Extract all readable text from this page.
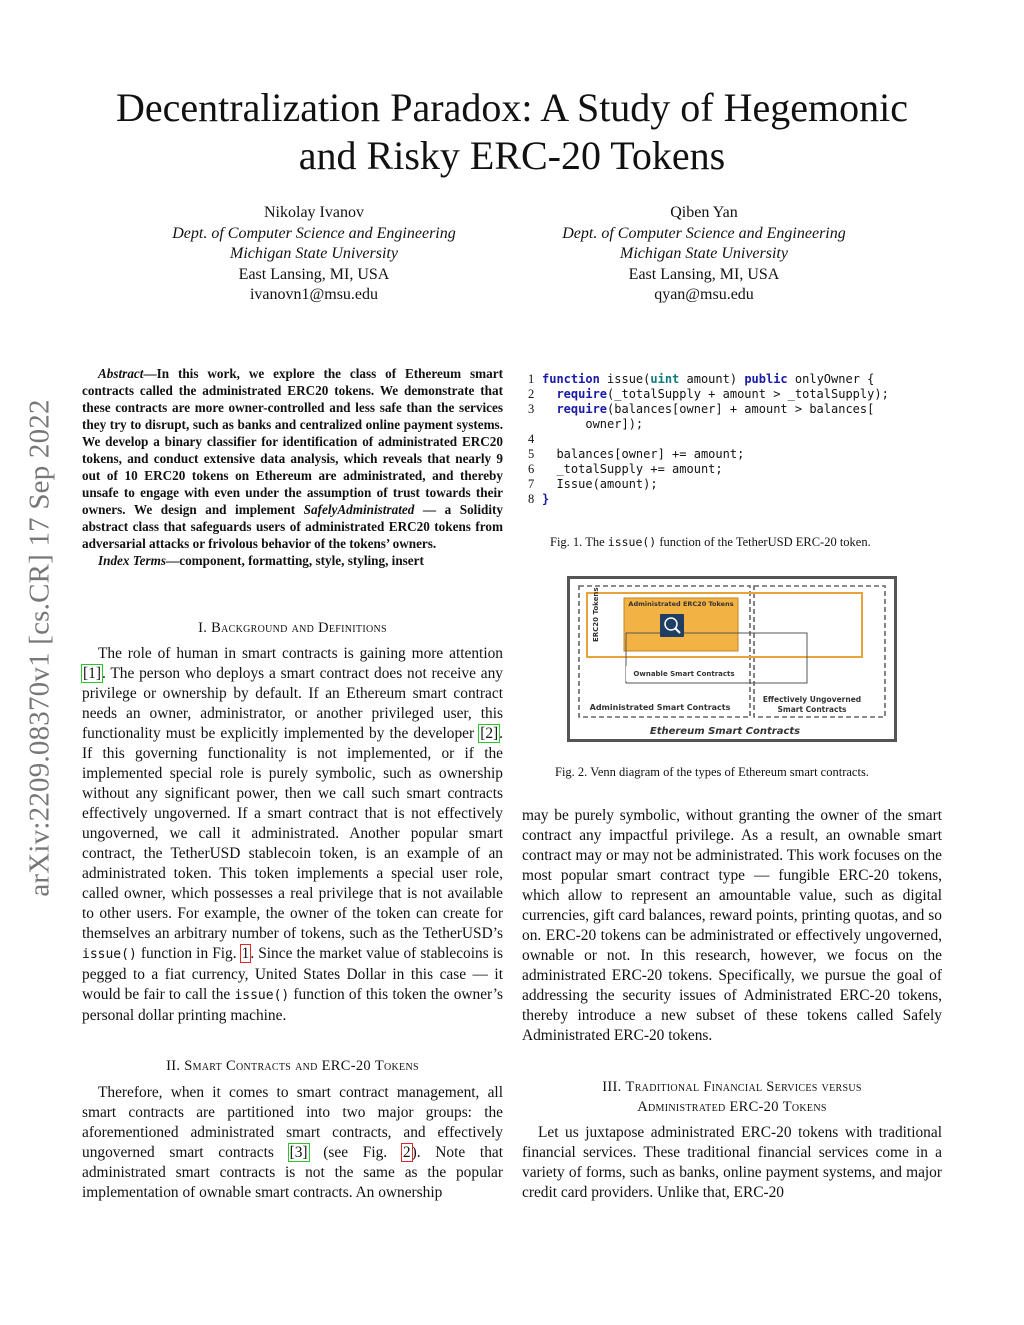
Decentralization Paradox: A Study of Hegemonic
and Risky ERC-20 Tokens
Nikolay Ivanov
Dept. of Computer Science and Engineering
Michigan State University
East Lansing, MI, USA
ivanovn1@msu.edu
Qiben Yan
Dept. of Computer Science and Engineering
Michigan State University
East Lansing, MI, USA
qyan@msu.edu
arXiv:2209.08370v1 [cs.CR] 17 Sep 2022

Abstract—In this work, we explore the class of Ethereum smart contracts called the administrated ERC20 tokens. We demonstrate that these contracts are more owner-controlled and less safe than the services they try to disrupt, such as banks and centralized online payment systems. We develop a binary classifier for identification of administrated ERC20 tokens, and conduct extensive data analysis, which reveals that nearly 9 out of 10 ERC20 tokens on Ethereum are administrated, and thereby unsafe to engage with even under the assumption of trust towards their owners. We design and implement SafelyAdministrated — a Solidity abstract class that safeguards users of administrated ERC20 tokens from adversarial attacks or frivolous behavior of the tokens’ owners.

Index Terms—component, formatting, style, styling, insert

I. Background and Definitions

The role of human in smart contracts is gaining more attention [1]. The person who deploys a smart contract does not receive any privilege or ownership by default. If an Ethereum smart contract needs an owner, administrator, or another privileged user, this functionality must be explicitly implemented by the developer [2]. If this governing functionality is not implemented, or if the implemented special role is purely symbolic, such as ownership without any significant power, then we call such smart contracts effectively ungoverned. If a smart contract that is not effectively ungoverned, we call it administrated. Another popular smart contract, the TetherUSD stablecoin token, is an example of an administrated token. This token implements a special user role, called owner, which possesses a real privilege that is not available to other users. For example, the owner of the token can create for themselves an arbitrary number of tokens, such as the TetherUSD’s issue() function in Fig. 1. Since the market value of stablecoins is pegged to a fiat currency, United States Dollar in this case — it would be fair to call the issue() function of this token the owner’s personal dollar printing machine.

II. Smart Contracts and ERC-20 Tokens

Therefore, when it comes to smart contract management, all smart contracts are partitioned into two major groups: the aforementioned administrated smart contracts, and effectively ungoverned smart contracts [3] (see Fig. 2). Note that administrated smart contracts is not the same as the popular implementation of ownable smart contracts. An ownership

1 function issue(uint amount) public onlyOwner {
2 require(_totalSupply + amount > _totalSupply);
3 require(balances[owner] + amount > balances[
owner]);
4
5 balances[owner] += amount;
6 _totalSupply += amount;
7 Issue(amount);
8 }
Fig. 1. The issue() function of the TetherUSD ERC-20 token.
Administrated ERC20 Tokens
ERC20 Tokens
Ownable Smart Contracts
Administrated Smart Contracts
Effectively Ungoverned
Smart Contracts
Ethereum Smart Contracts
Fig. 2. Venn diagram of the types of Ethereum smart contracts.

may be purely symbolic, without granting the owner of the smart contract any impactful privilege. As a result, an ownable smart contract may or may not be administrated. This work focuses on the most popular smart contract type — fungible ERC-20 tokens, which allow to represent an amountable value, such as digital currencies, gift card balances, reward points, printing quotas, and so on. ERC-20 tokens can be administrated or effectively ungoverned, ownable or not. In this research, however, we focus on the administrated ERC-20 tokens. Specifically, we pursue the goal of addressing the security issues of Administrated ERC-20 tokens, thereby introduce a new subset of these tokens called Safely Administrated ERC-20 tokens.

III. Traditional Financial Services versus
Administrated ERC-20 Tokens

Let us juxtapose administrated ERC-20 tokens with traditional financial services. These traditional financial services come in a variety of forms, such as banks, online payment systems, and major credit card providers. Unlike that, ERC-20
